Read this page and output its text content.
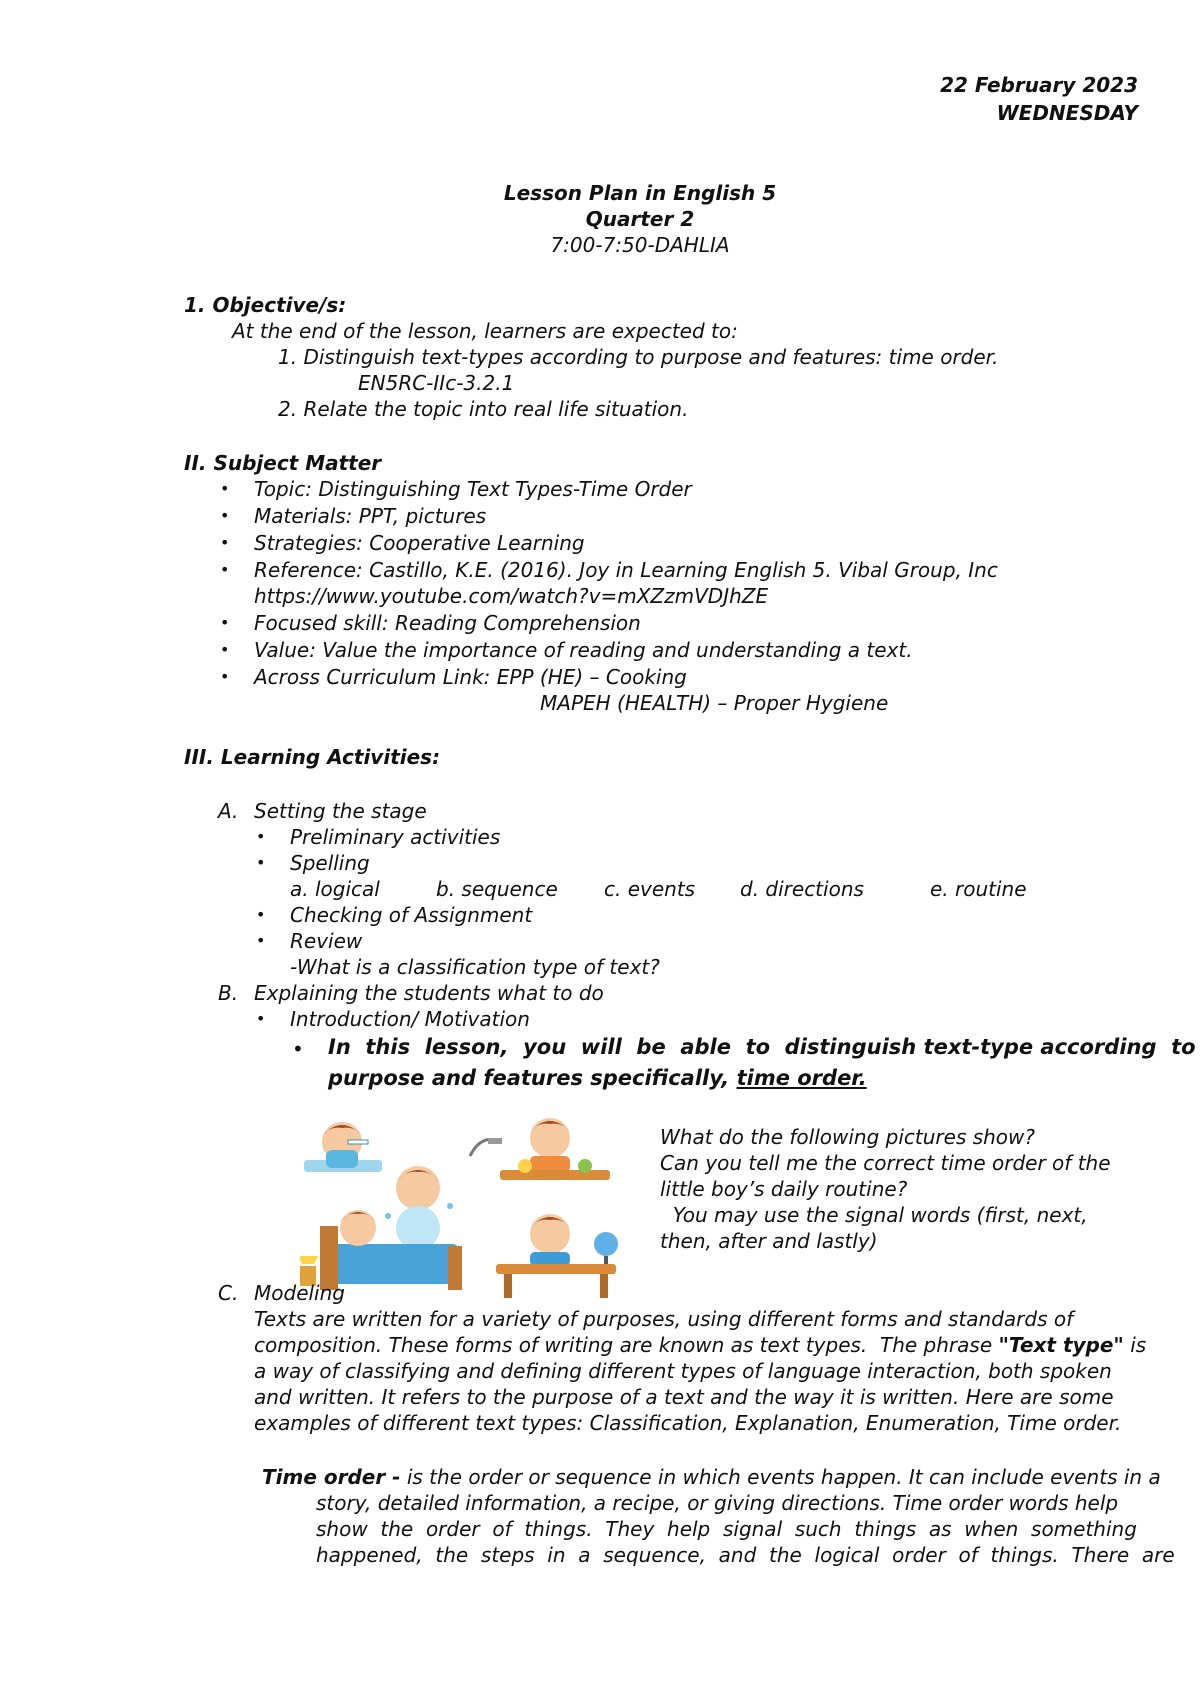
22 February 2023
WEDNESDAY
Lesson Plan in English 5
Quarter 2
7:00-7:50-DAHLIA
1. Objective/s:
At the end of the lesson, learners are expected to:
1. Distinguish text-types according to purpose and features: time order.
EN5RC-IIc-3.2.1
2. Relate the topic into real life situation.
II. Subject Matter
• Topic: Distinguishing Text Types-Time Order
• Materials: PPT, pictures
• Strategies: Cooperative Learning
• Reference: Castillo, K.E. (2016). Joy in Learning English 5. Vibal Group, Inc
https://www.youtube.com/watch?v=mXZzmVDJhZE
• Focused skill: Reading Comprehension
• Value: Value the importance of reading and understanding a text.
• Across Curriculum Link: EPP (HE) – Cooking
MAPEH (HEALTH) – Proper Hygiene
III. Learning Activities:
A. Setting the stage
• Preliminary activities
• Spelling
a. logical	b. sequence c. events d. directions	e. routine
• Checking of Assignment
• Review
-What is a classification type of text?
B. Explaining the students what to do
• Introduction/ Motivation
• In  this  lesson,  you  will  be  able  to  distinguish text-type according  to
purpose and features specifically, time order.
What do the following pictures show?
Can you tell me the correct time order of the
little boy’s daily routine?
You may use the signal words (first, next,
then, after and lastly)
C. Modeling
Texts are written for a variety of purposes, using different forms and standards of
composition. These forms of writing are known as text types.  The phrase "Text type" is
a way of classifying and defining different types of language interaction, both spoken
and written. It refers to the purpose of a text and the way it is written. Here are some
examples of different text types: Classification, Explanation, Enumeration, Time order.
Time order - is the order or sequence in which events happen. It can include events in a
story, detailed information, a recipe, or giving directions. Time order words help
show  the  order  of  things.  They  help  signal  such  things  as  when  something
happened,  the  steps  in  a  sequence,  and  the  logical  order  of  things.  There  are
